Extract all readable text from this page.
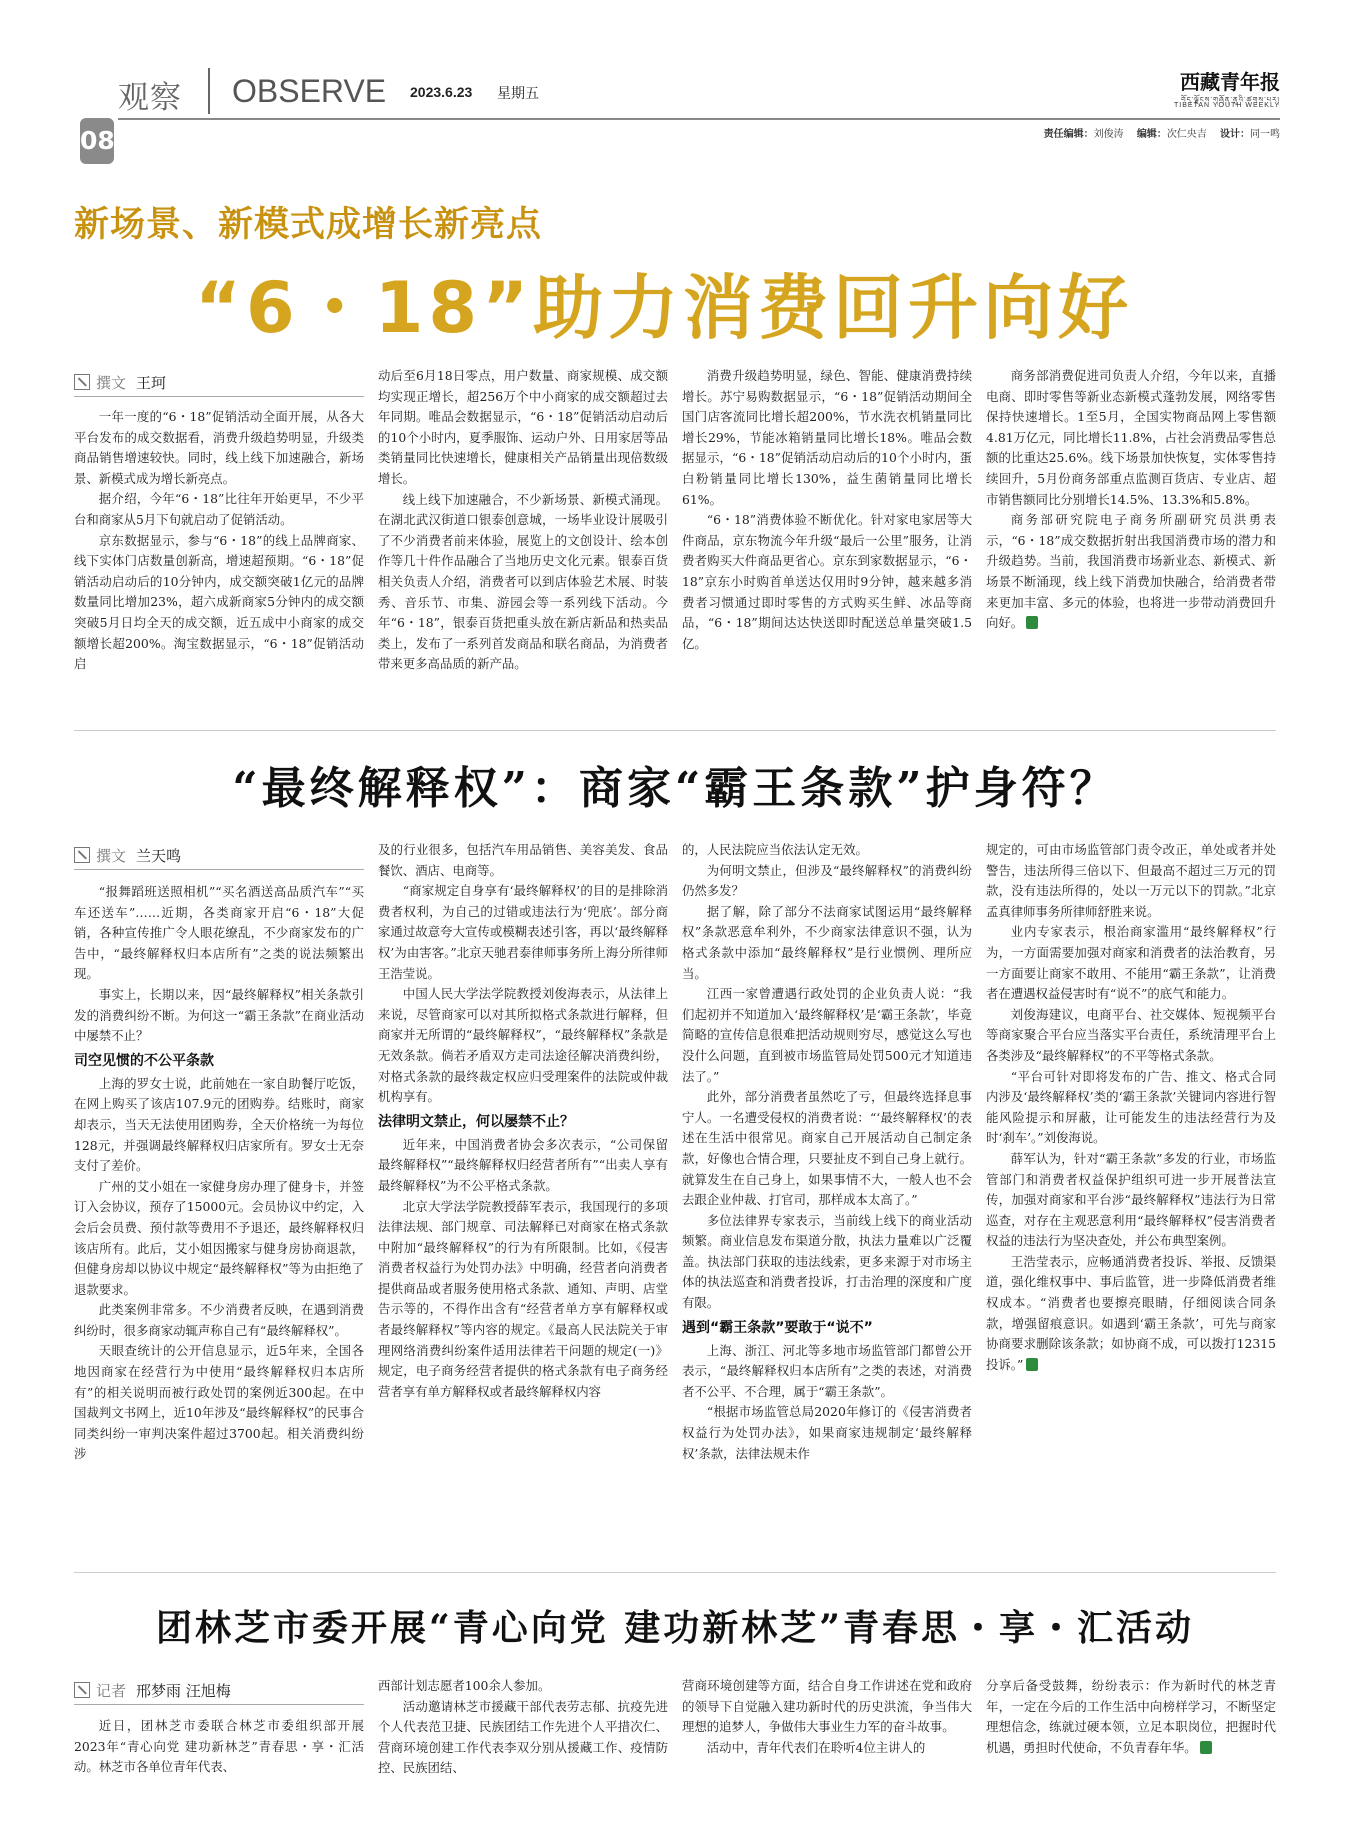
观察 OBSERVE 2023.6.23 星期五	西藏青年报
བོད་ལྗོངས་གཞོན་ནུའི་ཚགས་པར།
TIBETAN YOUTH WEEKLY
08	责任编辑：刘俊涛 编辑：次仁央吉 设计：同一鸣
新场景、新模式成增长新亮点
“6・18”助力消费回升向好
撰文 王珂

一年一度的“6・18”促销活动全面开展，从各大平台发布的成交数据看，消费升级趋势明显，升级类商品销售增速较快。同时，线上线下加速融合，新场景、新模式成为增长新亮点。

据介绍，今年“6・18”比往年开始更早，不少平台和商家从5月下旬就启动了促销活动。

京东数据显示，参与“6・18”的线上品牌商家、线下实体门店数量创新高，增速超预期。“6・18”促销活动启动后的10分钟内，成交额突破1亿元的品牌数量同比增加23%，超六成新商家5分钟内的成交额突破5月日均全天的成交额，近五成中小商家的成交额增长超200%。淘宝数据显示，“6・18”促销活动启

动后至6月18日零点，用户数量、商家规模、成交额均实现正增长，超256万个中小商家的成交额超过去年同期。唯品会数据显示，“6・18”促销活动启动后的10个小时内，夏季服饰、运动户外、日用家居等品类销量同比快速增长，健康相关产品销量出现倍数级增长。

线上线下加速融合，不少新场景、新模式涌现。在湖北武汉街道口银泰创意城，一场毕业设计展吸引了不少消费者前来体验，展览上的文创设计、绘本创作等几十件作品融合了当地历史文化元素。银泰百货相关负责人介绍，消费者可以到店体验艺术展、时装秀、音乐节、市集、游园会等一系列线下活动。今年“6・18”，银泰百货把重头放在新店新品和热卖品类上，发布了一系列首发商品和联名商品，为消费者带来更多高品质的新产品。

消费升级趋势明显，绿色、智能、健康消费持续增长。苏宁易购数据显示，“6・18”促销活动期间全国门店客流同比增长超200%，节水洗衣机销量同比增长29%，节能冰箱销量同比增长18%。唯品会数据显示，“6・18”促销活动启动后的10个小时内，蛋白粉销量同比增长130%，益生菌销量同比增长61%。

“6・18”消费体验不断优化。针对家电家居等大件商品，京东物流今年升级“最后一公里”服务，让消费者购买大件商品更省心。京东到家数据显示，“6・18”京东小时购首单送达仅用时9分钟，越来越多消费者习惯通过即时零售的方式购买生鲜、冰品等商品，“6・18”期间达达快送即时配送总单量突破1.5亿。

商务部消费促进司负责人介绍，今年以来，直播电商、即时零售等新业态新模式蓬勃发展，网络零售保持快速增长。1至5月，全国实物商品网上零售额4.81万亿元，同比增长11.8%，占社会消费品零售总额的比重达25.6%。线下场景加快恢复，实体零售持续回升，5月份商务部重点监测百货店、专业店、超市销售额同比分别增长14.5%、13.3%和5.8%。

商务部研究院电子商务所副研究员洪勇表示，“6・18”成交数据折射出我国消费市场的潜力和升级趋势。当前，我国消费市场新业态、新模式、新场景不断涌现，线上线下消费加快融合，给消费者带来更加丰富、多元的体验，也将进一步带动消费回升向好。

“最终解释权”：商家“霸王条款”护身符？
撰文 兰天鸣

“报舞蹈班送照相机”“买名酒送高品质汽车”“买车还送车”……近期，各类商家开启“6・18”大促销，各种宣传推广令人眼花缭乱，不少商家发布的广告中，“最终解释权归本店所有”之类的说法频繁出现。

事实上，长期以来，因“最终解释权”相关条款引发的消费纠纷不断。为何这一“霸王条款”在商业活动中屡禁不止？

司空见惯的不公平条款

上海的罗女士说，此前她在一家自助餐厅吃饭，在网上购买了该店107.9元的团购券。结账时，商家却表示，当天无法使用团购券，全天价格统一为每位128元，并强调最终解释权归店家所有。罗女士无奈支付了差价。

广州的艾小姐在一家健身房办理了健身卡，并签订入会协议，预存了15000元。会员协议中约定，入会后会员费、预付款等费用不予退还，最终解释权归该店所有。此后，艾小姐因搬家与健身房协商退款，但健身房却以协议中规定“最终解释权”等为由拒绝了退款要求。

此类案例非常多。不少消费者反映，在遇到消费纠纷时，很多商家动辄声称自己有“最终解释权”。

天眼查统计的公开信息显示，近5年来，全国各地因商家在经营行为中使用“最终解释权归本店所有”的相关说明而被行政处罚的案例近300起。在中国裁判文书网上，近10年涉及“最终解释权”的民事合同类纠纷一审判决案件超过3700起。相关消费纠纷涉

及的行业很多，包括汽车用品销售、美容美发、食品餐饮、酒店、电商等。

“商家规定自身享有‘最终解释权’的目的是排除消费者权利，为自己的过错或违法行为‘兜底’。部分商家通过故意夸大宣传或模糊表述引客，再以‘最终解释权’为由害客。”北京天驰君泰律师事务所上海分所律师王浩莹说。

中国人民大学法学院教授刘俊海表示，从法律上来说，尽管商家可以对其所拟格式条款进行解释，但商家并无所谓的“最终解释权”，“最终解释权”条款是无效条款。倘若矛盾双方走司法途径解决消费纠纷，对格式条款的最终裁定权应归受理案件的法院或仲裁机构享有。

法律明文禁止，何以屡禁不止？

近年来，中国消费者协会多次表示，“公司保留最终解释权”“最终解释权归经营者所有”“出卖人享有最终解释权”为不公平格式条款。

北京大学法学院教授薛军表示，我国现行的多项法律法规、部门规章、司法解释已对商家在格式条款中附加“最终解释权”的行为有所限制。比如，《侵害消费者权益行为处罚办法》中明确，经营者向消费者提供商品或者服务使用格式条款、通知、声明、店堂告示等的，不得作出含有“经营者单方享有解释权或者最终解释权”等内容的规定。《最高人民法院关于审理网络消费纠纷案件适用法律若干问题的规定(一)》规定，电子商务经营者提供的格式条款有电子商务经营者享有单方解释权或者最终解释权内容

的，人民法院应当依法认定无效。

为何明文禁止，但涉及“最终解释权”的消费纠纷仍然多发？

据了解，除了部分不法商家试图运用“最终解释权”条款恶意牟利外，不少商家法律意识不强，认为格式条款中添加“最终解释权”是行业惯例、理所应当。

江西一家曾遭遇行政处罚的企业负责人说：“我们起初并不知道加入‘最终解释权’是‘霸王条款’，毕竟简略的宣传信息很难把活动规则穷尽，感觉这么写也没什么问题，直到被市场监管局处罚500元才知道违法了。”

此外，部分消费者虽然吃了亏，但最终选择息事宁人。一名遭受侵权的消费者说：“‘最终解释权’的表述在生活中很常见。商家自己开展活动自己制定条款，好像也合情合理，只要扯皮不到自己身上就行。就算发生在自己身上，如果事情不大，一般人也不会去跟企业仲裁、打官司，那样成本太高了。”

多位法律界专家表示，当前线上线下的商业活动频繁。商业信息发布渠道分散，执法力量难以广泛覆盖。执法部门获取的违法线索，更多来源于对市场主体的执法巡查和消费者投诉，打击治理的深度和广度有限。

遇到“霸王条款”要敢于“说不”

上海、浙江、河北等多地市场监管部门都曾公开表示，“最终解释权归本店所有”之类的表述，对消费者不公平、不合理，属于“霸王条款”。

“根据市场监管总局2020年修订的《侵害消费者权益行为处罚办法》，如果商家违规制定‘最终解释权’条款，法律法规未作

规定的，可由市场监管部门责令改正，单处或者并处警告，违法所得三倍以下、但最高不超过三万元的罚款，没有违法所得的，处以一万元以下的罚款。”北京孟真律师事务所律师舒胜来说。

业内专家表示，根治商家滥用“最终解释权”行为，一方面需要加强对商家和消费者的法治教育，另一方面要让商家不敢用、不能用“霸王条款”，让消费者在遭遇权益侵害时有“说不”的底气和能力。

刘俊海建议，电商平台、社交媒体、短视频平台等商家聚合平台应当落实平台责任，系统清理平台上各类涉及“最终解释权”的不平等格式条款。

“平台可针对即将发布的广告、推文、格式合同内涉及‘最终解释权’类的‘霸王条款’关键词内容进行智能风险提示和屏蔽，让可能发生的违法经营行为及时‘刹车’。”刘俊海说。

薛军认为，针对“霸王条款”多发的行业，市场监管部门和消费者权益保护组织可进一步开展普法宣传，加强对商家和平台涉“最终解释权”违法行为日常巡查，对存在主观恶意利用“最终解释权”侵害消费者权益的违法行为坚决查处，并公布典型案例。

王浩莹表示，应畅通消费者投诉、举报、反馈渠道，强化维权事中、事后监管，进一步降低消费者维权成本。“消费者也要擦亮眼睛，仔细阅读合同条款，增强留痕意识。如遇到‘霸王条款’，可先与商家协商要求删除该条款；如协商不成，可以拨打12315投诉。”

团林芝市委开展“青心向党 建功新林芝”青春思・享・汇活动
记者 邢梦雨 汪旭梅

近日，团林芝市委联合林芝市委组织部开展2023年“青心向党 建功新林芝”青春思・享・汇活动。林芝市各单位青年代表、

西部计划志愿者100余人参加。

活动邀请林芝市援藏干部代表劳志郁、抗疫先进个人代表范卫捷、民族团结工作先进个人平措次仁、营商环境创建工作代表李双分别从援藏工作、疫情防控、民族团结、

营商环境创建等方面，结合自身工作讲述在党和政府的领导下自觉融入建功新时代的历史洪流，争当伟大理想的追梦人，争做伟大事业生力军的奋斗故事。

活动中，青年代表们在聆听4位主讲人的

分享后备受鼓舞，纷纷表示：作为新时代的林芝青年，一定在今后的工作生活中向榜样学习，不断坚定理想信念，练就过硬本领，立足本职岗位，把握时代机遇，勇担时代使命，不负青春年华。
